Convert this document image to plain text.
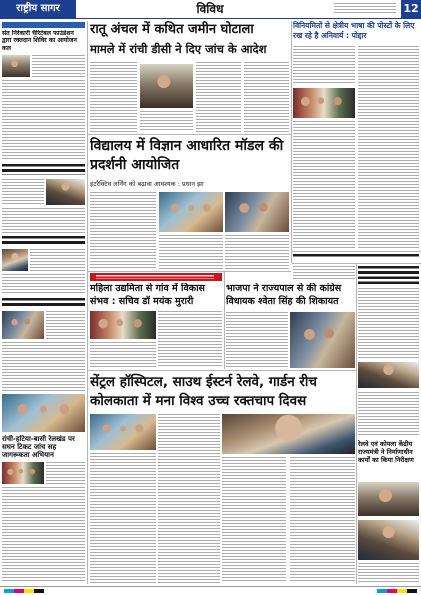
राष्ट्रीय सागर	विविध	12
संत निरंकारी चैरिटेबल फाउंडेशन द्वारा रक्तदान शिविर का आयोजन कल
रांची-हटिया-बासी रेलखंड पर सघन टिकट जांच सह जागरूकता अभियान
रातू अंचल में कथित जमीन घोटाला
मामले में रांची डीसी ने दिए जांच के आदेश
विद्यालय में विज्ञान आधारित मॉडल की प्रदर्शनी आयोजित
इंटरैक्टिव लर्निंग को बढ़ावा आवश्यक : प्रधान झा
विनियमितों से क्षेत्रीय भाषा की पोस्टों के लिए रख रहे है अनिवार्य : पोद्दार
महिला उद्यमिता से गांव में विकास संभव : सचिव डॉ मयंक मुरारी
भाजपा ने राज्यपाल से की कांग्रेस विधायक श्वेता सिंह की शिकायत
सेंट्रल हॉस्पिटल, साउथ ईस्टर्न रेलवे, गार्डन रीच कोलकाता में मना विश्व उच्च रक्तचाप दिवस
रेलवे एवं कोयला केंद्रीय राज्यमंत्री ने निर्माणाधीन कार्यों का किया निरीक्षण
